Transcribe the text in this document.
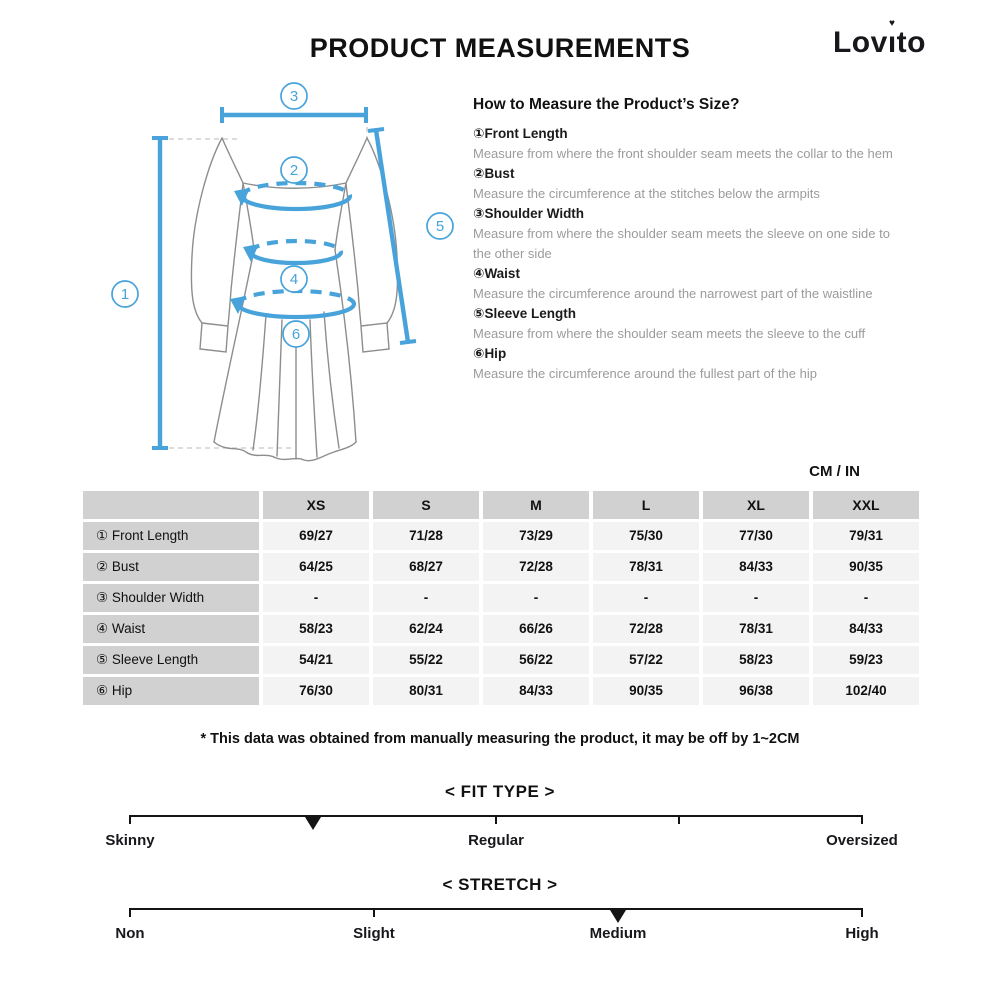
PRODUCT MEASUREMENTS	Lovı
♥
to
1
2
3
4
5
6
How to Measure the Product’s Size?
①Front Length
Measure from where the front shoulder seam meets the collar to the hem
②Bust
Measure the circumference at the stitches below the armpits
③Shoulder Width
Measure from where the shoulder seam meets the sleeve on one side to the other side
④Waist
Measure the circumference around the narrowest part of the waistline
⑤Sleeve Length
Measure from where the shoulder seam meets the sleeve to the cuff
⑥Hip
Measure the circumference around the fullest part of the hip
CM / IN
XS	S	M	L	XL	XXL
① Front Length	69/27	71/28	73/29	75/30	77/30	79/31
② Bust	64/25	68/27	72/28	78/31	84/33	90/35
③ Shoulder Width	-	-	-	-	-	-
④ Waist	58/23	62/24	66/26	72/28	78/31	84/33
⑤ Sleeve Length	54/21	55/22	56/22	57/22	58/23	59/23
⑥ Hip	76/30	80/31	84/33	90/35	96/38	102/40
* This data was obtained from manually measuring the product, it may be off by 1~2CM
< FIT TYPE >
Skinny	Regular	Oversized
< STRETCH >
Non	Slight	Medium	High
